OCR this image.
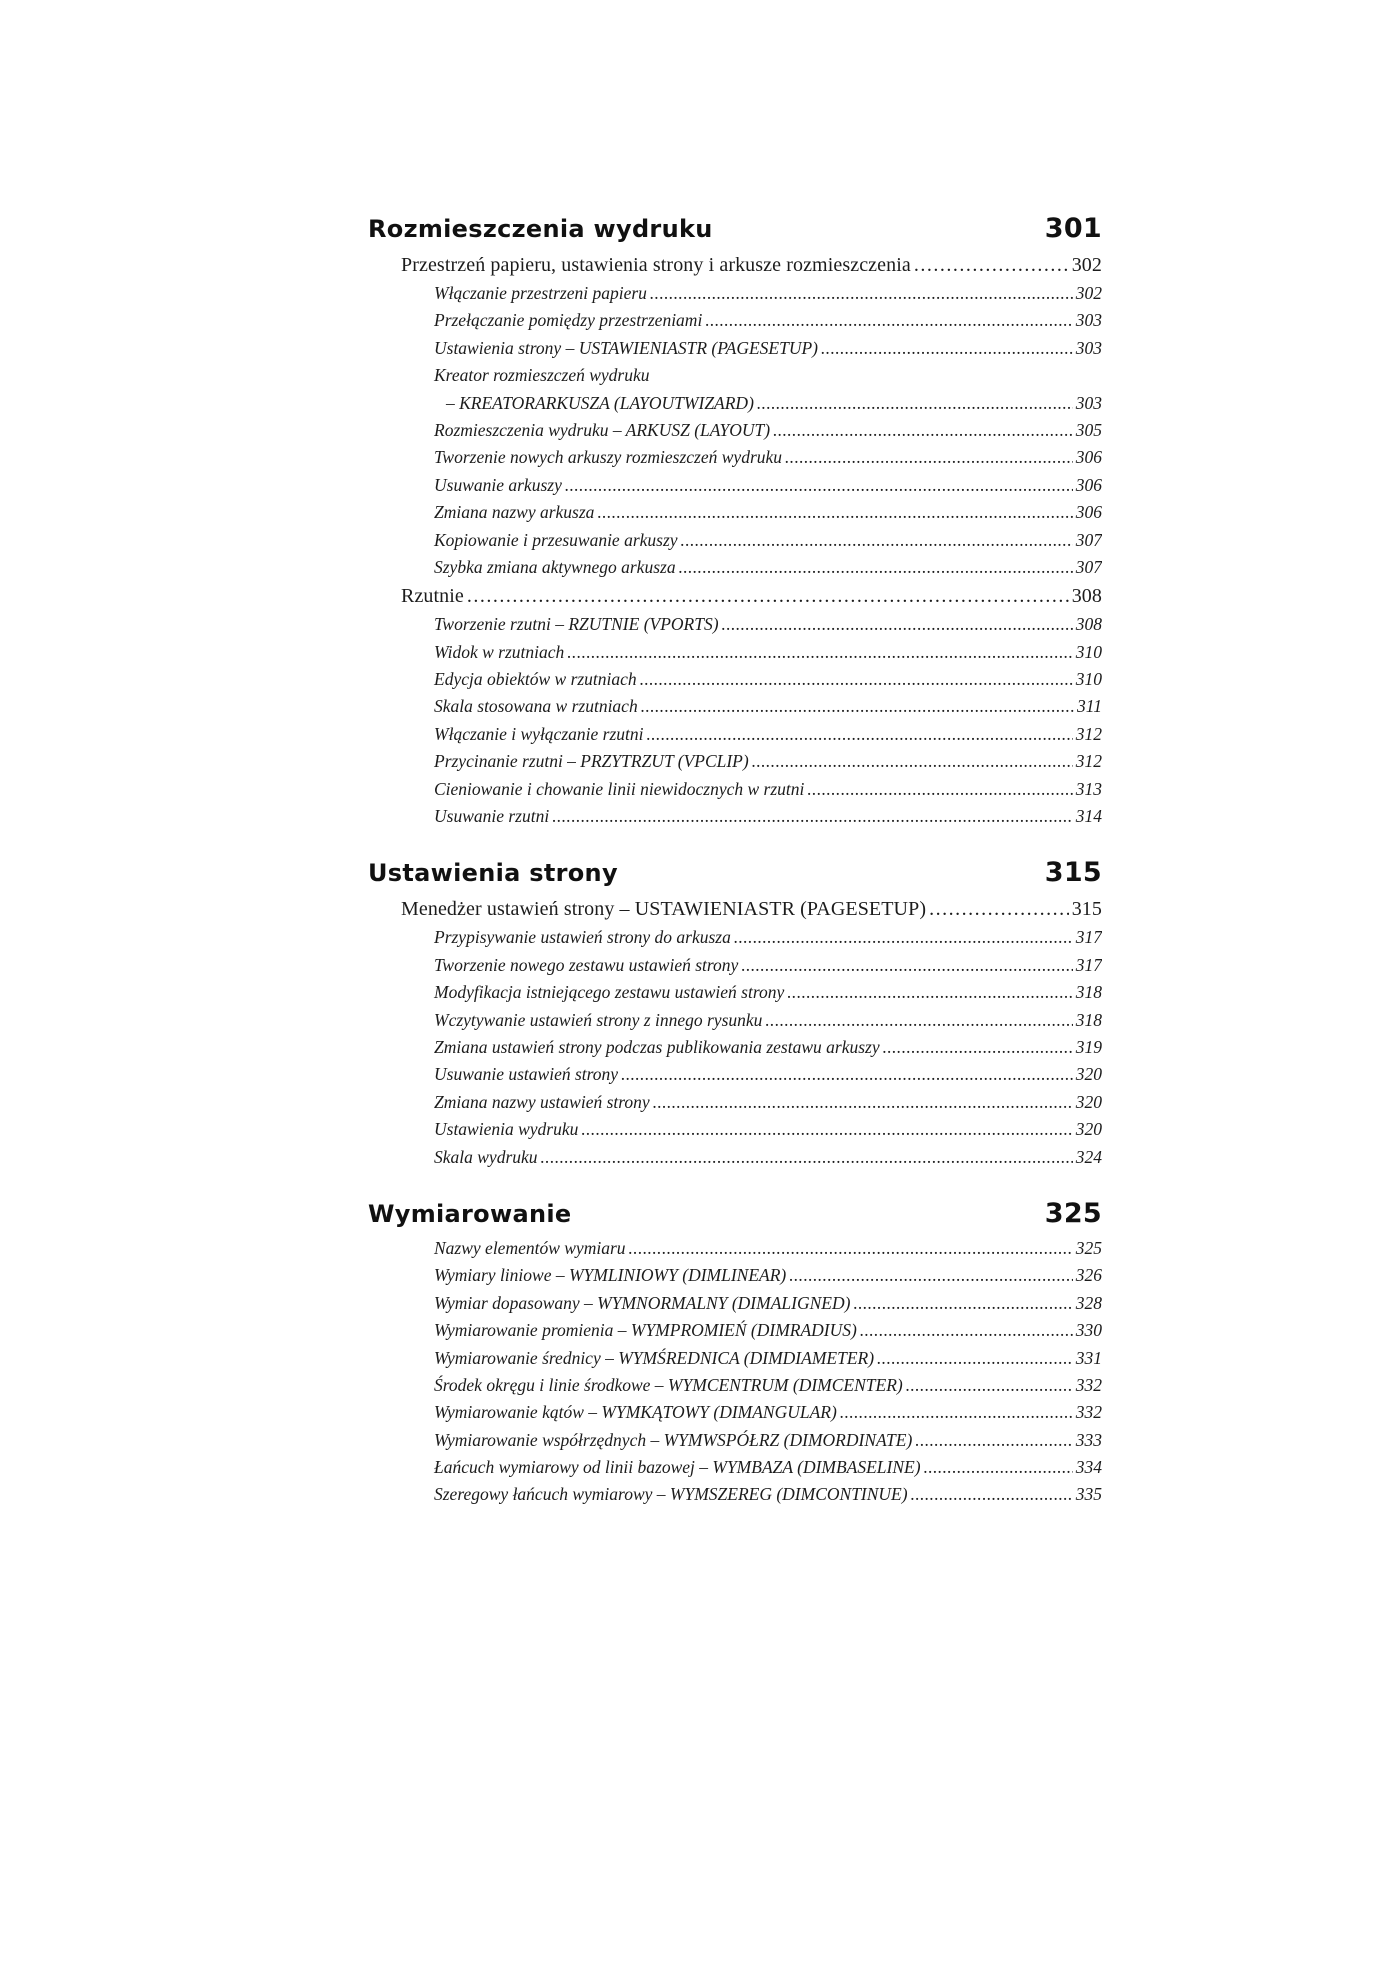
Rozmieszczenia wydruku	301
Przestrzeń papieru, ustawienia strony i arkusze rozmieszczenia .....	302
Włączanie przestrzeni papieru .....	302
Przełączanie pomiędzy przestrzeniami .....	303
Ustawienia strony – USTAWIENIASTR (PAGESETUP) .....	303
Kreator rozmieszczeń wydruku
– KREATORARKUSZA (LAYOUTWIZARD) .....	303
Rozmieszczenia wydruku – ARKUSZ (LAYOUT) .....	305
Tworzenie nowych arkuszy rozmieszczeń wydruku .....	306
Usuwanie arkuszy .....	306
Zmiana nazwy arkusza .....	306
Kopiowanie i przesuwanie arkuszy .....	307
Szybka zmiana aktywnego arkusza .....	307
Rzutnie .....	308
Tworzenie rzutni – RZUTNIE (VPORTS) .....	308
Widok w rzutniach .....	310
Edycja obiektów w rzutniach .....	310
Skala stosowana w rzutniach .....	311
Włączanie i wyłączanie rzutni .....	312
Przycinanie rzutni – PRZYTRZUT (VPCLIP) .....	312
Cieniowanie i chowanie linii niewidocznych w rzutni .....	313
Usuwanie rzutni .....	314
Ustawienia strony	315
Menedżer ustawień strony – USTAWIENIASTR (PAGESETUP) .....	315
Przypisywanie ustawień strony do arkusza .....	317
Tworzenie nowego zestawu ustawień strony .....	317
Modyfikacja istniejącego zestawu ustawień strony .....	318
Wczytywanie ustawień strony z innego rysunku .....	318
Zmiana ustawień strony podczas publikowania zestawu arkuszy .....	319
Usuwanie ustawień strony .....	320
Zmiana nazwy ustawień strony .....	320
Ustawienia wydruku .....	320
Skala wydruku .....	324
Wymiarowanie	325
Nazwy elementów wymiaru .....	325
Wymiary liniowe – WYMLINIOWY (DIMLINEAR) .....	326
Wymiar dopasowany – WYMNORMALNY (DIMALIGNED) .....	328
Wymiarowanie promienia – WYMPROMIEŃ (DIMRADIUS) .....	330
Wymiarowanie średnicy – WYMŚREDNICA (DIMDIAMETER) .....	331
Środek okręgu i linie środkowe – WYMCENTRUM (DIMCENTER) .....	332
Wymiarowanie kątów – WYMKĄTOWY (DIMANGULAR) .....	332
Wymiarowanie współrzędnych – WYMWSPÓŁRZ (DIMORDINATE) .....	333
Łańcuch wymiarowy od linii bazowej – WYMBAZA (DIMBASELINE) .....	334
Szeregowy łańcuch wymiarowy – WYMSZEREG (DIMCONTINUE) .....	335
